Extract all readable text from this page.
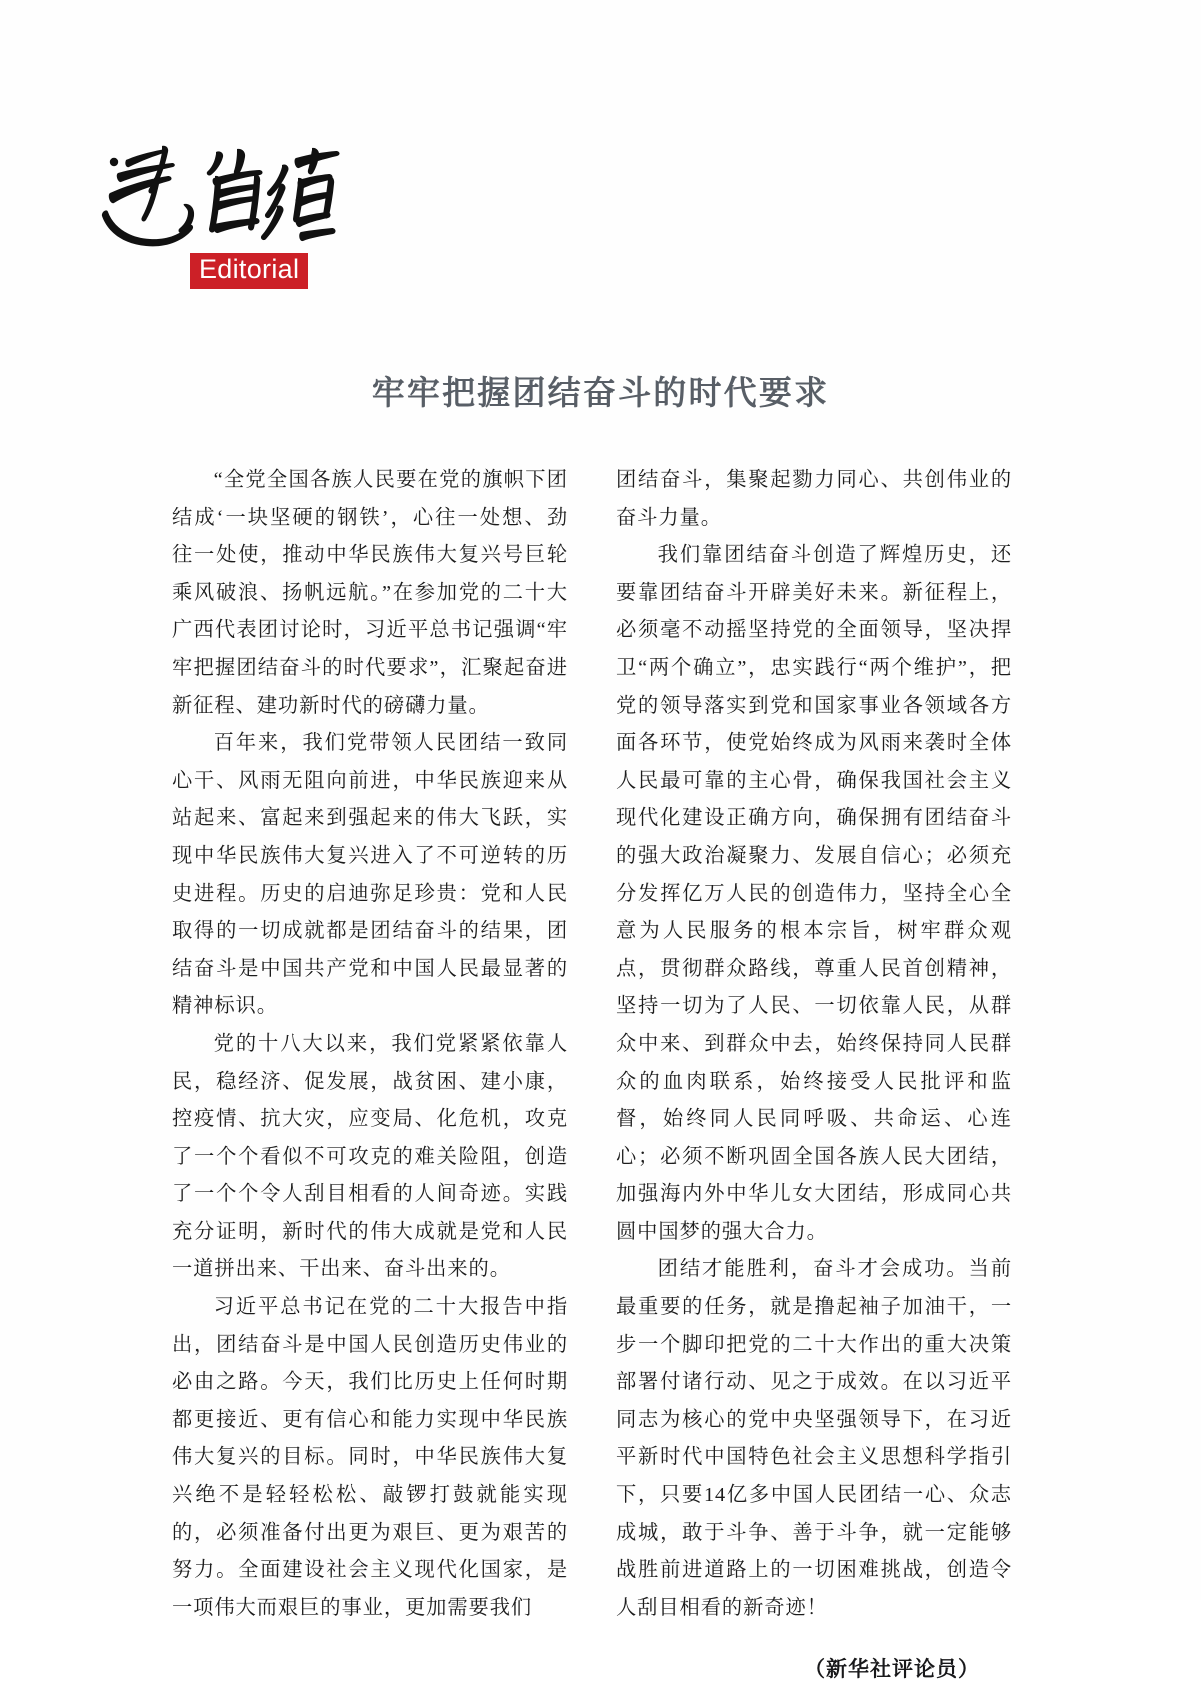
Editorial
牢牢把握团结奋斗的时代要求

“全党全国各族人民要在党的旗帜下团结成‘一块坚硬的钢铁’，心往一处想、劲往一处使，推动中华民族伟大复兴号巨轮乘风破浪、扬帆远航。”在参加党的二十大广西代表团讨论时，习近平总书记强调“牢牢把握团结奋斗的时代要求”，汇聚起奋进新征程、建功新时代的磅礴力量。

百年来，我们党带领人民团结一致同心干、风雨无阻向前进，中华民族迎来从站起来、富起来到强起来的伟大飞跃，实现中华民族伟大复兴进入了不可逆转的历史进程。历史的启迪弥足珍贵：党和人民取得的一切成就都是团结奋斗的结果，团结奋斗是中国共产党和中国人民最显著的精神标识。

党的十八大以来，我们党紧紧依靠人民，稳经济、促发展，战贫困、建小康，控疫情、抗大灾，应变局、化危机，攻克了一个个看似不可攻克的难关险阻，创造了一个个令人刮目相看的人间奇迹。实践充分证明，新时代的伟大成就是党和人民一道拼出来、干出来、奋斗出来的。

习近平总书记在党的二十大报告中指出，团结奋斗是中国人民创造历史伟业的必由之路。今天，我们比历史上任何时期都更接近、更有信心和能力实现中华民族伟大复兴的目标。同时，中华民族伟大复兴绝不是轻轻松松、敲锣打鼓就能实现的，必须准备付出更为艰巨、更为艰苦的努力。全面建设社会主义现代化国家，是一项伟大而艰巨的事业，更加需要我们

团结奋斗，集聚起勠力同心、共创伟业的奋斗力量。

我们靠团结奋斗创造了辉煌历史，还要靠团结奋斗开辟美好未来。新征程上，必须毫不动摇坚持党的全面领导，坚决捍卫“两个确立”，忠实践行“两个维护”，把党的领导落实到党和国家事业各领域各方面各环节，使党始终成为风雨来袭时全体人民最可靠的主心骨，确保我国社会主义现代化建设正确方向，确保拥有团结奋斗的强大政治凝聚力、发展自信心；必须充分发挥亿万人民的创造伟力，坚持全心全意为人民服务的根本宗旨，树牢群众观点，贯彻群众路线，尊重人民首创精神，坚持一切为了人民、一切依靠人民，从群众中来、到群众中去，始终保持同人民群众的血肉联系，始终接受人民批评和监督，始终同人民同呼吸、共命运、心连心；必须不断巩固全国各族人民大团结，加强海内外中华儿女大团结，形成同心共圆中国梦的强大合力。

团结才能胜利，奋斗才会成功。当前最重要的任务，就是撸起袖子加油干，一步一个脚印把党的二十大作出的重大决策部署付诸行动、见之于成效。在以习近平同志为核心的党中央坚强领导下，在习近平新时代中国特色社会主义思想科学指引下，只要14亿多中国人民团结一心、众志成城，敢于斗争、善于斗争，就一定能够战胜前进道路上的一切困难挑战，创造令人刮目相看的新奇迹！

（新华社评论员）
